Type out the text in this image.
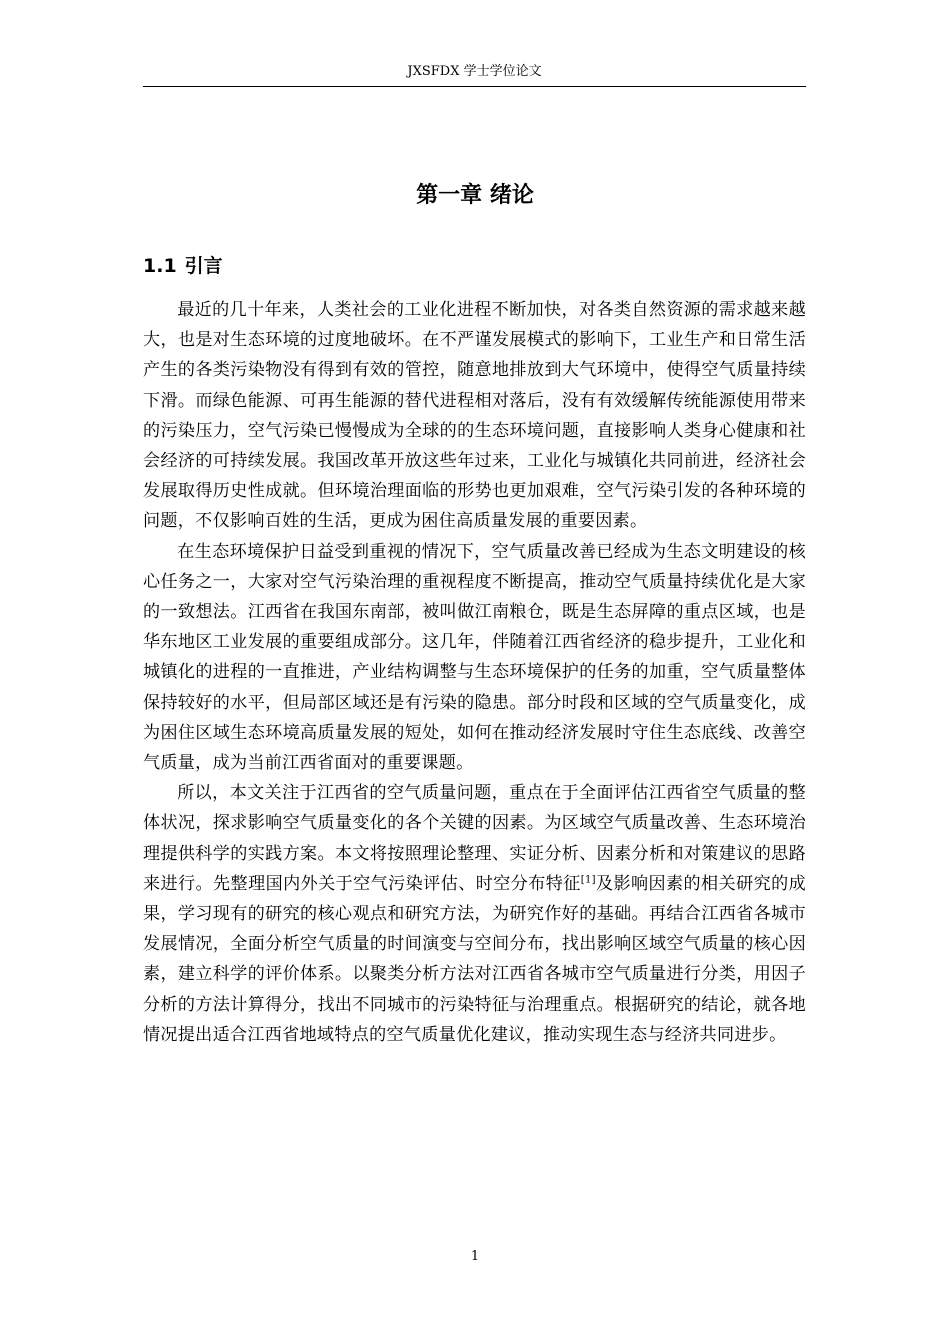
JXSFDX 学士学位论文
第一章 绪论
1.1 引言

最近的几十年来，人类社会的工业化进程不断加快，对各类自然资源的需求越来越大，也是对生态环境的过度地破坏。在不严谨发展模式的影响下，工业生产和日常生活产生的各类污染物没有得到有效的管控，随意地排放到大气环境中，使得空气质量持续下滑。而绿色能源、可再生能源的替代进程相对落后，没有有效缓解传统能源使用带来的污染压力，空气污染已慢慢成为全球的的生态环境问题，直接影响人类身心健康和社会经济的可持续发展。我国改革开放这些年过来，工业化与城镇化共同前进，经济社会发展取得历史性成就。但环境治理面临的形势也更加艰难，空气污染引发的各种环境的问题，不仅影响百姓的生活，更成为困住高质量发展的重要因素。

在生态环境保护日益受到重视的情况下，空气质量改善已经成为生态文明建设的核心任务之一，大家对空气污染治理的重视程度不断提高，推动空气质量持续优化是大家的一致想法。江西省在我国东南部，被叫做江南粮仓，既是生态屏障的重点区域，也是华东地区工业发展的重要组成部分。这几年，伴随着江西省经济的稳步提升，工业化和城镇化的进程的一直推进，产业结构调整与生态环境保护的任务的加重，空气质量整体保持较好的水平，但局部区域还是有污染的隐患。部分时段和区域的空气质量变化，成为困住区域生态环境高质量发展的短处，如何在推动经济发展时守住生态底线、改善空气质量，成为当前江西省面对的重要课题。

所以，本文关注于江西省的空气质量问题，重点在于全面评估江西省空气质量的整体状况，探求影响空气质量变化的各个关键的因素。为区域空气质量改善、生态环境治理提供科学的实践方案。本文将按照理论整理、实证分析、因素分析和对策建议的思路来进行。先整理国内外关于空气污染评估、时空分布特征[1]及影响因素的相关研究的成果，学习现有的研究的核心观点和研究方法，为研究作好的基础。再结合江西省各城市发展情况，全面分析空气质量的时间演变与空间分布，找出影响区域空气质量的核心因素，建立科学的评价体系。以聚类分析方法对江西省各城市空气质量进行分类，用因子分析的方法计算得分，找出不同城市的污染特征与治理重点。根据研究的结论，就各地情况提出适合江西省地域特点的空气质量优化建议，推动实现生态与经济共同进步。

1
